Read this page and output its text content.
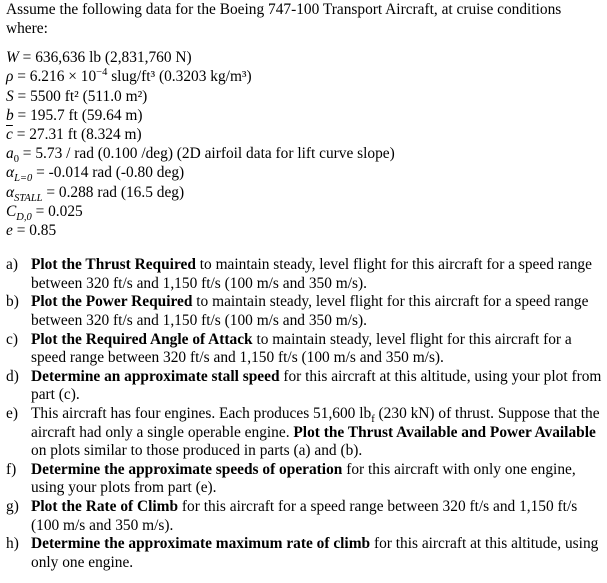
Assume the following data for the Boeing 747-100 Transport Aircraft, at cruise conditions
where:

W = 636,636 lb (2,831,760 N)
$\rho = 6.216 \times 10^{-4}$ slug/ft³ (0.3203 kg/m³)
S = 5500 ft² (511.0 m²)
b = 195.7 ft (59.64 m)
$\overline{c} = 27.31$ ft (8.324 m)
$a_0 = 5.73$ / rad (0.100 /deg) (2D airfoil data for lift curve slope)
$\alpha_{L=0} = -0.014$ rad (-0.80 deg)
$\alpha_{STALL} = 0.288$ rad (16.5 deg)
$C_{D,0} = 0.025$
e = 0.85
a) Plot the Thrust Required to maintain steady, level flight for this aircraft for a speed range between 320 ft/s and 1,150 ft/s (100 m/s and 350 m/s).
b) Plot the Power Required to maintain steady, level flight for this aircraft for a speed range between 320 ft/s and 1,150 ft/s (100 m/s and 350 m/s).
c) Plot the Required Angle of Attack to maintain steady, level flight for this aircraft for a speed range between 320 ft/s and 1,150 ft/s (100 m/s and 350 m/s).
d) Determine an approximate stall speed for this aircraft at this altitude, using your plot from part (c).
e) This aircraft has four engines. Each produces 51,600 $lb_f$ (230 kN) of thrust. Suppose that the aircraft had only a single operable engine. Plot the Thrust Available and Power Available on plots similar to those produced in parts (a) and (b).
f) Determine the approximate speeds of operation for this aircraft with only one engine, using your plots from part (e).
g) Plot the Rate of Climb for this aircraft for a speed range between 320 ft/s and 1,150 ft/s (100 m/s and 350 m/s).
h) Determine the approximate maximum rate of climb for this aircraft at this altitude, using only one engine.
